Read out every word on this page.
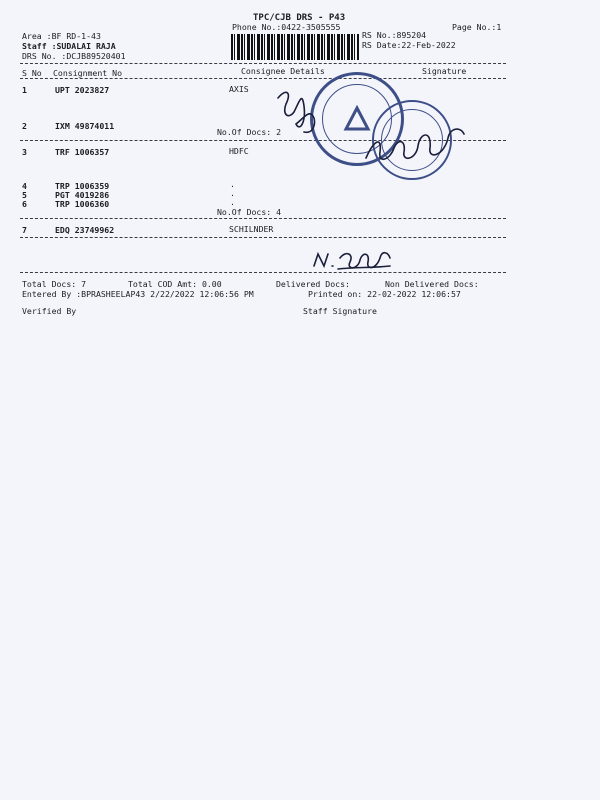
TPC/CJB DRS - P43
Phone No.:0422-3505555	Page No.:1
Area :BF RD-1-43
Staff :SUDALAI RAJA
DRS No. :DCJB89520401
RS No.:895204
RS Date:22-Feb-2022
S No Consignment No	Consignee Details	Signature
1	UPT 2023827	AXIS
2	IXM 49874011
No.Of Docs: 2
3	TRF 1006357	HDFC
4	TRP 1006359	.
5	PGT 4019286	.
6	TRP 1006360	.
No.Of Docs: 4
7	EDQ 23749962	SCHILNDER
Total Docs: 7	Total COD Amt: 0.00	Delivered Docs:	Non Delivered Docs:
Entered By :BPRASHEELAP43 2/22/2022 12:06:56 PM	Printed on: 22-02-2022 12:06:57
Verified By	Staff Signature
